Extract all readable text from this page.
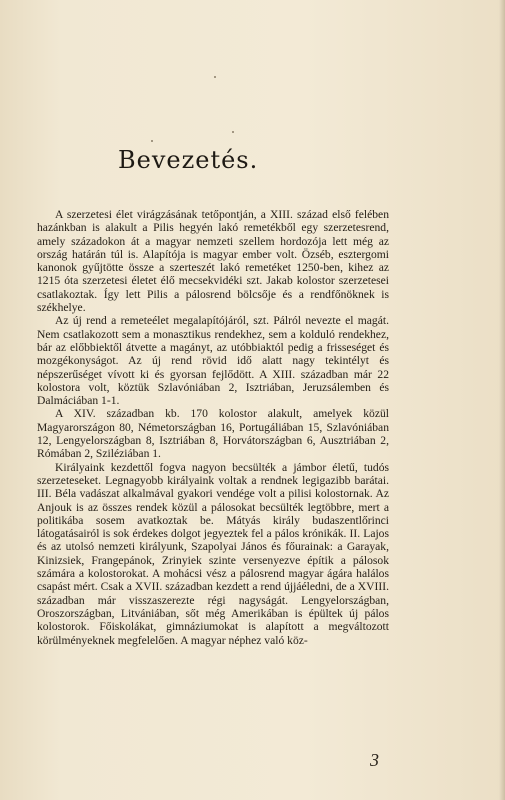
Bevezetés.

A szerzetesi élet virágzásának tetőpontján, a XIII. század első felében hazánkban is alakult a Pilis hegyén lakó remetékből egy szerzetesrend, amely századokon át a magyar nemzeti szellem hordozója lett még az ország határán túl is. Alapítója is magyar ember volt. Özséb, esztergomi kanonok gyűjtötte össze a szerteszét lakó remetéket 1250-ben, kihez az 1215 óta szerzetesi életet élő mecsekvidéki szt. Jakab kolostor szerzetesei csatlakoztak. Így lett Pilis a pálosrend bölcsője és a rendfőnöknek is székhelye.

Az új rend a remeteélet megalapítójáról, szt. Pálról nevezte el magát. Nem csatlakozott sem a monasztikus rendekhez, sem a kolduló rendekhez, bár az előbbiektől átvette a magányt, az utóbbiaktól pedig a frisseséget és mozgékonyságot. Az új rend rövid idő alatt nagy tekintélyt és népszerűséget vívott ki és gyorsan fejlődött. A XIII. században már 22 kolostora volt, köztük Szlavóniában 2, Isztriában, Jeruzsálemben és Dalmáciában 1-1.

A XIV. században kb. 170 kolostor alakult, amelyek közül Magyarországon 80, Németországban 16, Portugáliában 15, Szlavóniában 12, Lengyelországban 8, Isztriában 8, Horvátországban 6, Ausztriában 2, Rómában 2, Sziléziában 1.

Királyaink kezdettől fogva nagyon becsülték a jámbor életű, tudós szerzeteseket. Legnagyobb királyaink voltak a rendnek legigazibb barátai. III. Béla vadászat alkalmával gyakori vendége volt a pilisi kolostornak. Az Anjouk is az összes rendek közül a pálosokat becsülték legtöbbre, mert a politikába sosem avatkoztak be. Mátyás király budaszentlőrinci látogatásairól is sok érdekes dolgot jegyeztek fel a pálos krónikák. II. Lajos és az utolsó nemzeti királyunk, Szapolyai János és főurainak: a Garayak, Kinizsiek, Frangepánok, Zrinyiek szinte versenyezve építik a pálosok számára a kolostorokat. A mohácsi vész a pálosrend magyar ágára halálos csapást mért. Csak a XVII. században kezdett a rend újjáéledni, de a XVIII. században már visszaszerezte régi nagyságát. Lengyelországban, Oroszországban, Litvániában, sőt még Amerikában is épültek új pálos kolostorok. Főiskolákat, gimnáziumokat is alapított a megváltozott körülményeknek megfelelően. A magyar néphez való köz-

3
